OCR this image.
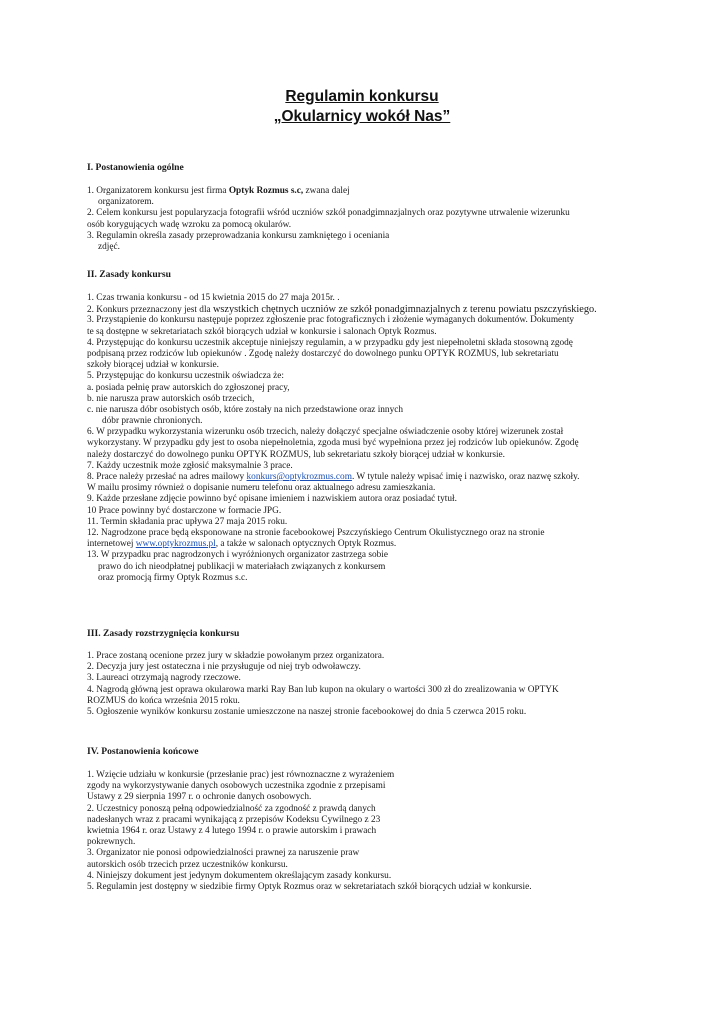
Regulamin konkursu
„Okularnicy wokół Nas”
I. Postanowienia ogólne
1. Organizatorem konkursu jest firma Optyk Rozmus s.c, zwana dalej
organizatorem.
2. Celem konkursu jest popularyzacja fotografii wśród uczniów szkół ponadgimnazjalnych oraz pozytywne utrwalenie wizerunku
osób korygujących wadę wzroku za pomocą okularów.
3. Regulamin określa zasady przeprowadzania konkursu zamkniętego i oceniania
zdjęć.
II. Zasady konkursu
1. Czas trwania konkursu - od 15 kwietnia 2015 do 27 maja 2015r. .
2. Konkurs przeznaczony jest dla wszystkich chętnych uczniów ze szkół ponadgimnazjalnych z terenu powiatu pszczyńskiego.
3. Przystąpienie do konkursu następuje poprzez zgłoszenie prac fotograficznych i złożenie wymaganych dokumentów. Dokumenty
te są dostępne w sekretariatach szkół biorących udział w konkursie i salonach Optyk Rozmus.
4. Przystępując do konkursu uczestnik akceptuje niniejszy regulamin, a w przypadku gdy jest niepełnoletni składa stosowną zgodę
podpisaną przez rodziców lub opiekunów . Zgodę należy dostarczyć do dowolnego punku OPTYK ROZMUS, lub sekretariatu
szkoły biorącej udział w konkursie.
5. Przystępując do konkursu uczestnik oświadcza że:
a. posiada pełnię praw autorskich do zgłoszonej pracy,
b. nie narusza praw autorskich osób trzecich,
c. nie narusza dóbr osobistych osób, które zostały na nich przedstawione oraz innych
dóbr prawnie chronionych.
6. W przypadku wykorzystania wizerunku osób trzecich, należy dołączyć specjalne oświadczenie osoby której wizerunek został
wykorzystany. W przypadku gdy jest to osoba niepełnoletnia, zgoda musi być wypełniona przez jej rodziców lub opiekunów. Zgodę
należy dostarczyć do dowolnego punku OPTYK ROZMUS, lub sekretariatu szkoły biorącej udział w konkursie.
7. Każdy uczestnik może zgłosić maksymalnie 3 prace.
8. Prace należy przesłać na adres mailowy konkurs@optykrozmus.com. W tytule należy wpisać imię i nazwisko, oraz nazwę szkoły.
W mailu prosimy również o dopisanie numeru telefonu oraz aktualnego adresu zamieszkania.
9. Każde przesłane zdjęcie powinno być opisane imieniem i nazwiskiem autora oraz posiadać tytuł.
10 Prace powinny być dostarczone w formacie JPG.
11. Termin składania prac upływa 27 maja 2015 roku.
12. Nagrodzone prace będą eksponowane na stronie facebookowej Pszczyńskiego Centrum Okulistycznego oraz na stronie
internetowej www.optykrozmus.pl, a także w salonach optycznych Optyk Rozmus.
13. W przypadku prac nagrodzonych i wyróżnionych organizator zastrzega sobie
prawo do ich nieodpłatnej publikacji w materiałach związanych z konkursem
oraz promocją firmy Optyk Rozmus s.c.
III. Zasady rozstrzygnięcia konkursu
1. Prace zostaną ocenione przez jury w składzie powołanym przez organizatora.
2. Decyzja jury jest ostateczna i nie przysługuje od niej tryb odwoławczy.
3. Laureaci otrzymają nagrody rzeczowe.
4. Nagrodą główną jest oprawa okularowa marki Ray Ban lub kupon na okulary o wartości 300 zł do zrealizowania w OPTYK
ROZMUS do końca września 2015 roku.
5. Ogłoszenie wyników konkursu zostanie umieszczone na naszej stronie facebookowej do dnia 5 czerwca 2015 roku.
IV. Postanowienia końcowe
1. Wzięcie udziału w konkursie (przesłanie prac) jest równoznaczne z wyrażeniem
zgody na wykorzystywanie danych osobowych uczestnika zgodnie z przepisami
Ustawy z 29 sierpnia 1997 r. o ochronie danych osobowych.
2. Uczestnicy ponoszą pełną odpowiedzialność za zgodność z prawdą danych
nadesłanych wraz z pracami wynikającą z przepisów Kodeksu Cywilnego z 23
kwietnia 1964 r. oraz Ustawy z 4 lutego 1994 r. o prawie autorskim i prawach
pokrewnych.
3. Organizator nie ponosi odpowiedzialności prawnej za naruszenie praw
autorskich osób trzecich przez uczestników konkursu.
4. Niniejszy dokument jest jedynym dokumentem określającym zasady konkursu.
5. Regulamin jest dostępny w siedzibie firmy Optyk Rozmus oraz w sekretariatach szkół biorących udział w konkursie.
